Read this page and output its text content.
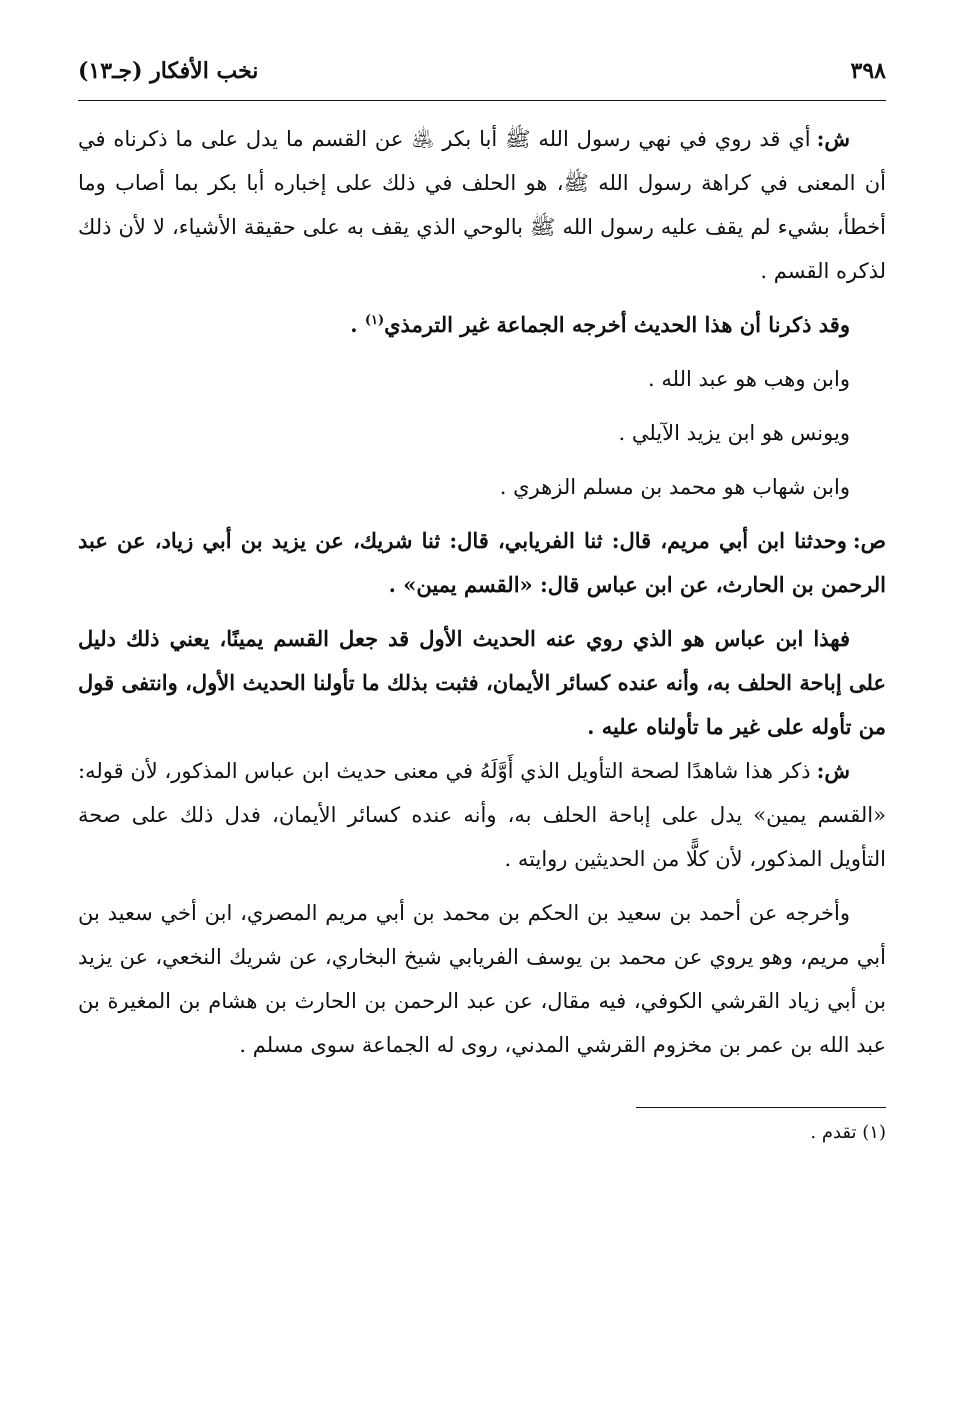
٣٩٨
نخب الأفكار (جـ١٣)

ش:أي قد روي في نهي رسول الله ﷺ أبا بكر ﵁ عن القسم ما يدل على ما ذكرناه في أن المعنى في كراهة رسول الله ﷺ، هو الحلف في ذلك على إخباره أبا بكر بما أصاب وما أخطأ، بشيء لم يقف عليه رسول الله ﷺ بالوحي الذي يقف به على حقيقة الأشياء، لا لأن ذلك لذكره القسم .

وقد ذكرنا أن هذا الحديث أخرجه الجماعة غير الترمذي$^{(١)}$ .

وابن وهب هو عبد الله .

ويونس هو ابن يزيد الآيلي .

وابن شهاب هو محمد بن مسلم الزهري .

ص:وحدثنا ابن أبي مريم، قال: ثنا الفريابي، قال: ثنا شريك، عن يزيد بن أبي زياد، عن عبد الرحمن بن الحارث، عن ابن عباس قال: «القسم يمين» .

فهذا ابن عباس هو الذي روي عنه الحديث الأول قد جعل القسم يمينًا، يعني ذلك دليل على إباحة الحلف به، وأنه عنده كسائر الأيمان، فثبت بذلك ما تأولنا الحديث الأول، وانتفى قول من تأوله على غير ما تأولناه عليه .

ش:ذكر هذا شاهدًا لصحة التأويل الذي أَوَّلَهُ في معنى حديث ابن عباس المذكور، لأن قوله: «القسم يمين» يدل على إباحة الحلف به، وأنه عنده كسائر الأيمان، فدل ذلك على صحة التأويل المذكور، لأن كلًّا من الحديثين روايته .

وأخرجه عن أحمد بن سعيد بن الحكم بن محمد بن أبي مريم المصري، ابن أخي سعيد بن أبي مريم، وهو يروي عن محمد بن يوسف الفريابي شيخ البخاري، عن شريك النخعي، عن يزيد بن أبي زياد القرشي الكوفي، فيه مقال، عن عبد الرحمن بن الحارث بن هشام بن المغيرة بن عبد الله بن عمر بن مخزوم القرشي المدني، روى له الجماعة سوى مسلم .

(١) تقدم .
